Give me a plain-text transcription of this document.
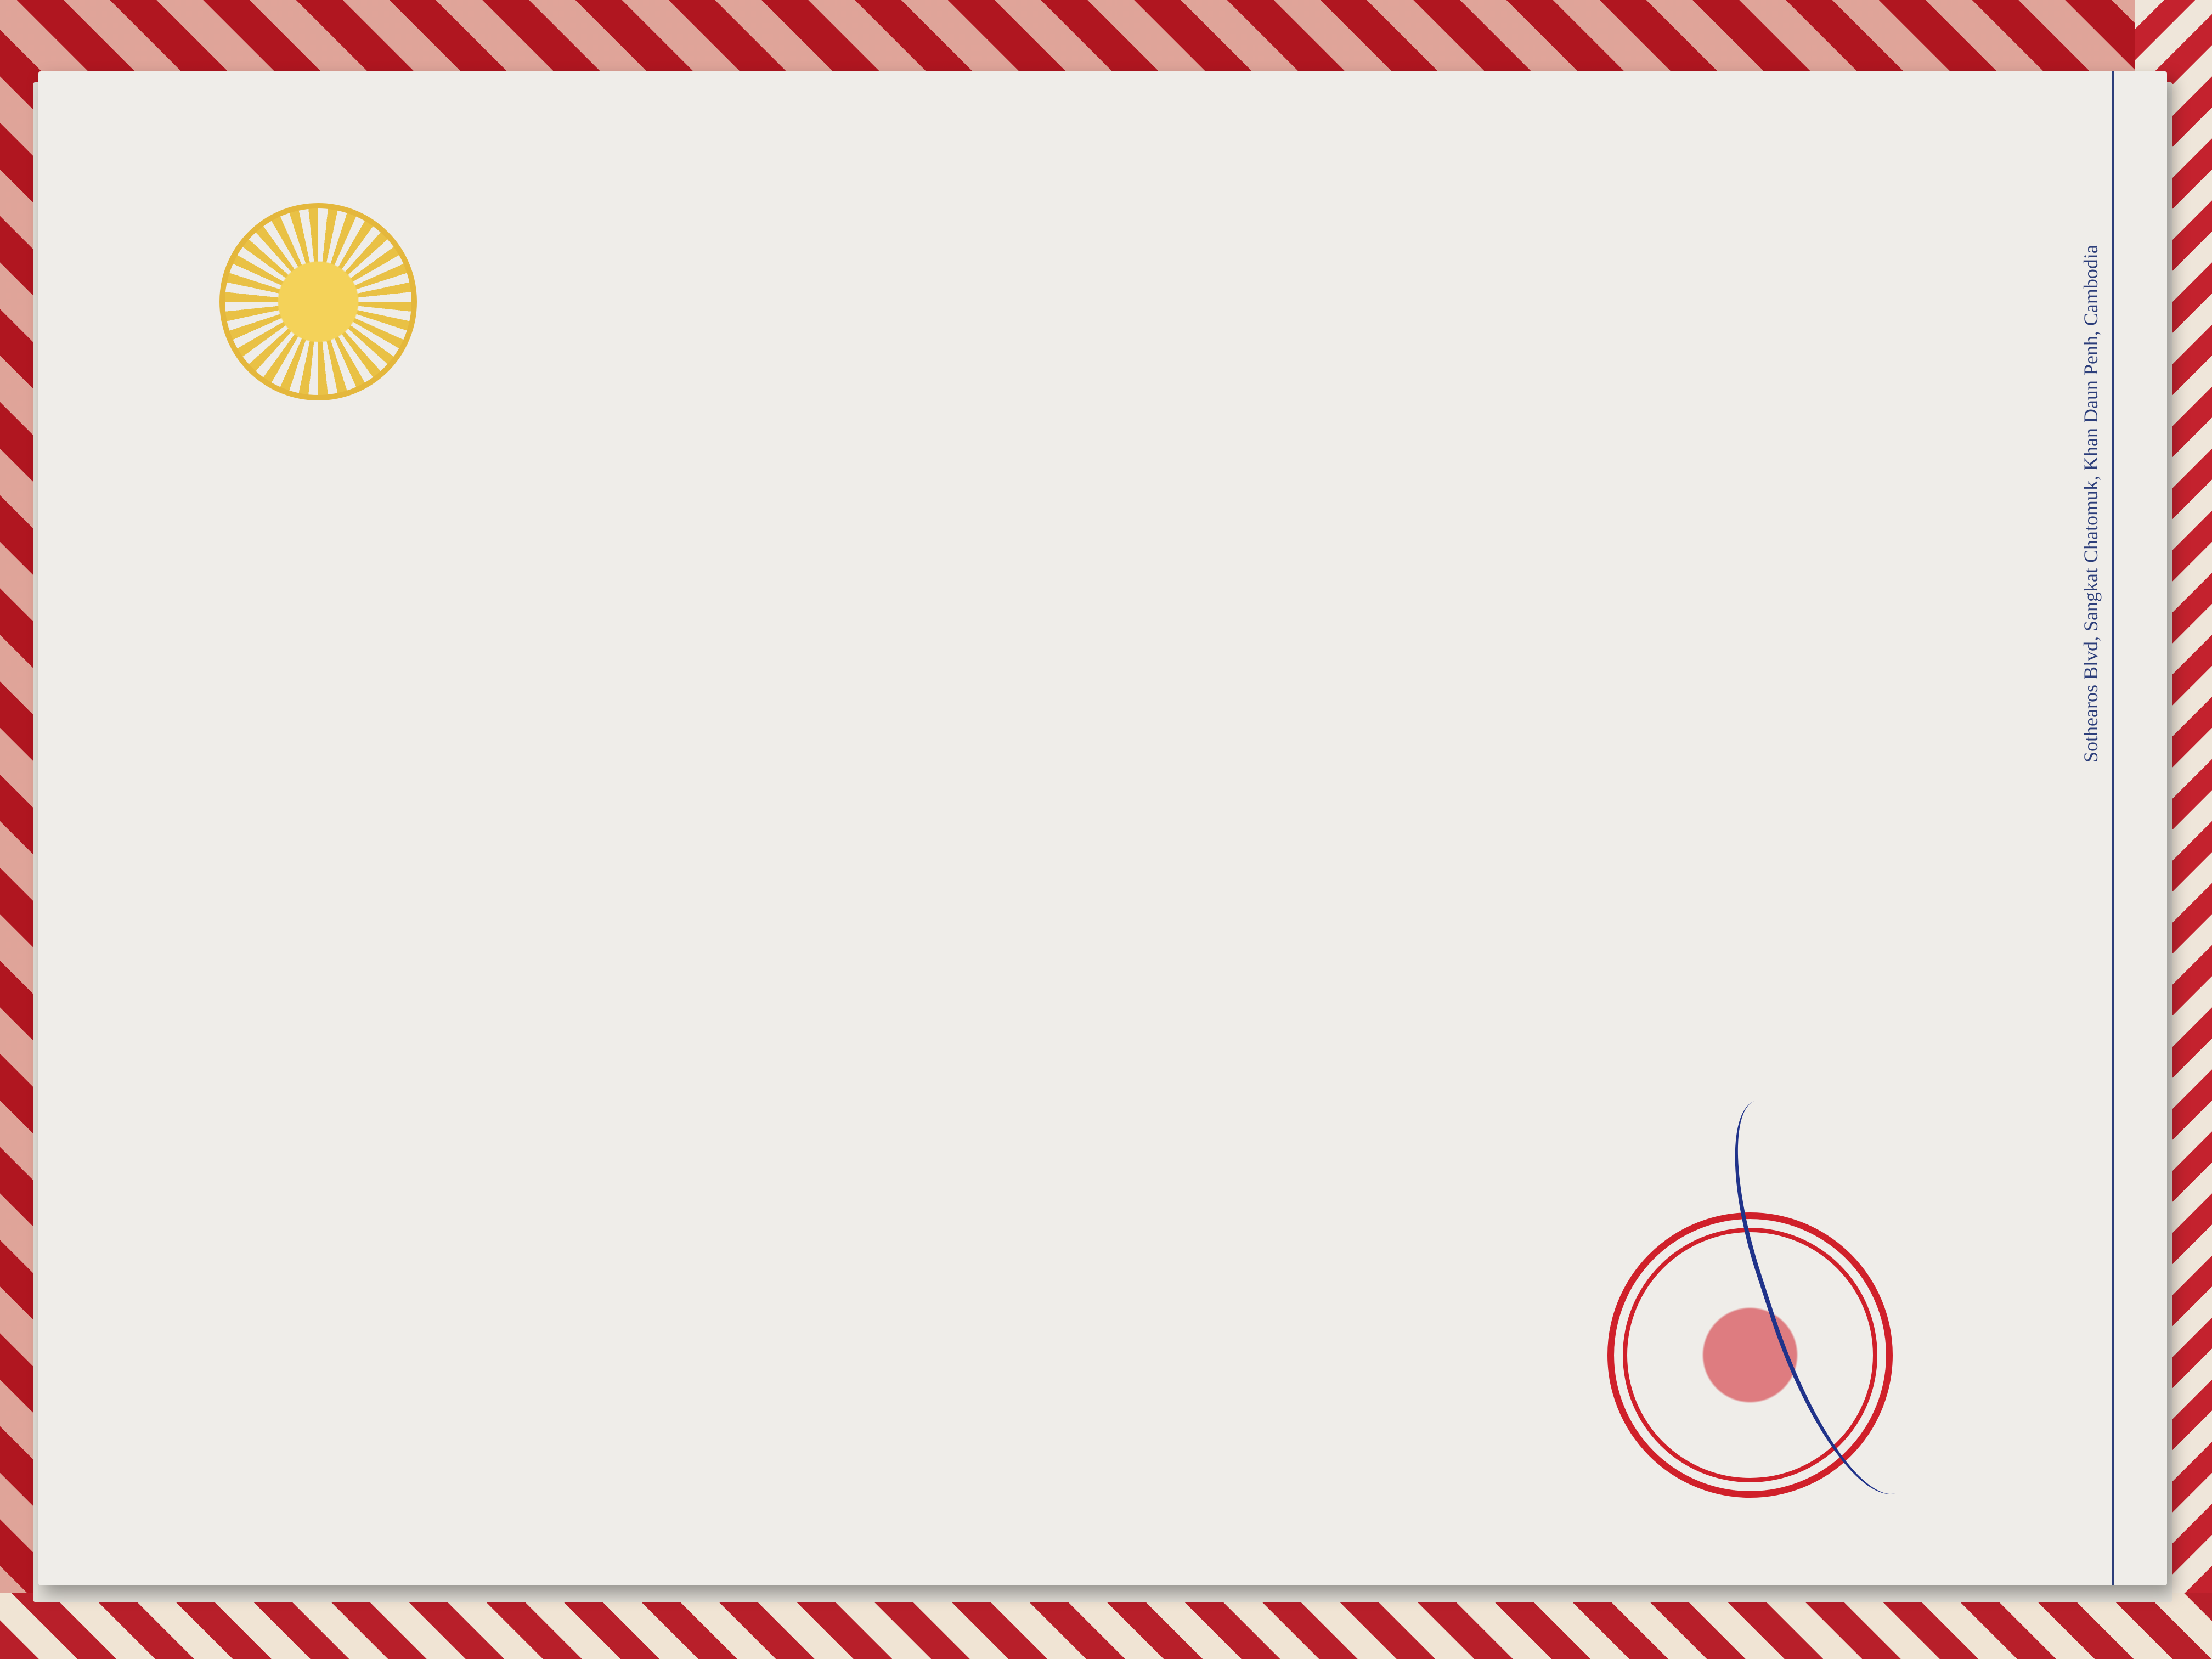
Sothearos Blvd, Sangkat Chatomuk, Khan Daun Penh, Cambodia
